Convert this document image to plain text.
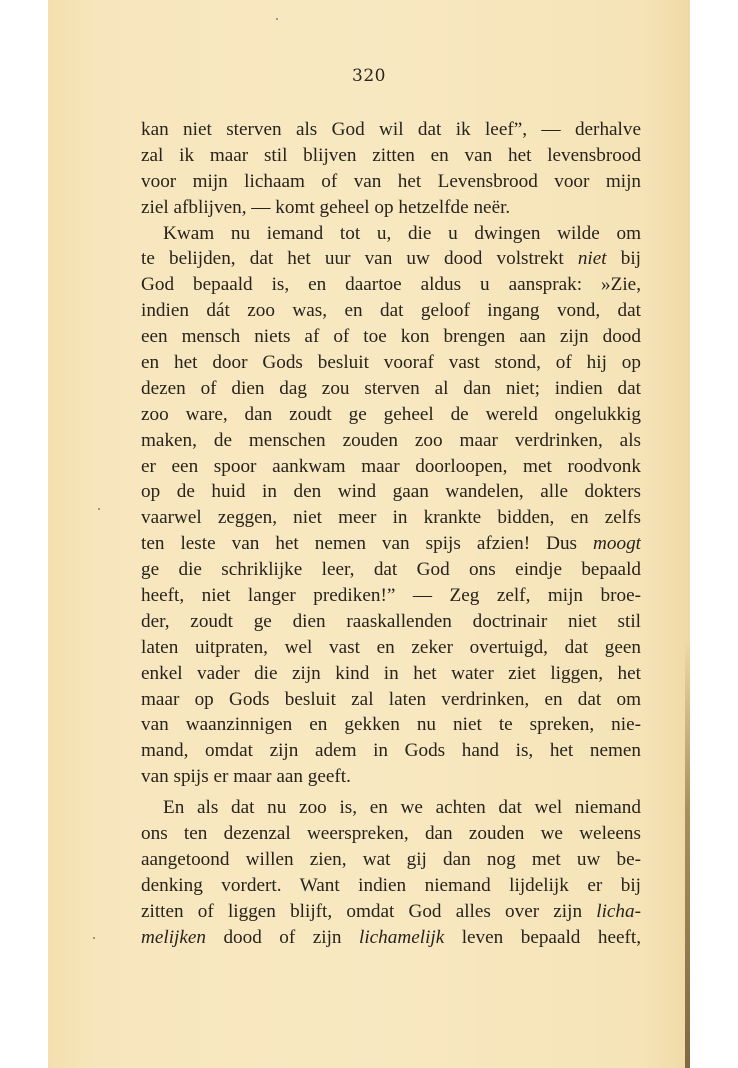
320
kan niet sterven als God wil dat ik leef”, — derhalve
zal ik maar stil blijven zitten en van het levensbrood
voor mijn lichaam of van het Levensbrood voor mijn
ziel afblijven, — komt geheel op hetzelfde neër.
Kwam nu iemand tot u, die u dwingen wilde om
te belijden, dat het uur van uw dood volstrekt niet bij
God bepaald is, en daartoe aldus u aansprak: »Zie,
indien dát zoo was, en dat geloof ingang vond, dat
een mensch niets af of toe kon brengen aan zijn dood
en het door Gods besluit vooraf vast stond, of hij op
dezen of dien dag zou sterven al dan niet; indien dat
zoo ware, dan zoudt ge geheel de wereld ongelukkig
maken, de menschen zouden zoo maar verdrinken, als
er een spoor aankwam maar doorloopen, met roodvonk
op de huid in den wind gaan wandelen, alle dokters
vaarwel zeggen, niet meer in krankte bidden, en zelfs
ten leste van het nemen van spijs afzien! Dus moogt
ge die schriklijke leer, dat God ons eindje bepaald
heeft, niet langer prediken!” — Zeg zelf, mijn broe-
der, zoudt ge dien raaskallenden doctrinair niet stil
laten uitpraten, wel vast en zeker overtuigd, dat geen
enkel vader die zijn kind in het water ziet liggen, het
maar op Gods besluit zal laten verdrinken, en dat om
van waanzinnigen en gekken nu niet te spreken, nie-
mand, omdat zijn adem in Gods hand is, het nemen
van spijs er maar aan geeft.
En als dat nu zoo is, en we achten dat wel niemand
ons ten dezenzal weerspreken, dan zouden we weleens
aangetoond willen zien, wat gij dan nog met uw be-
denking vordert. Want indien niemand lijdelijk er bij
zitten of liggen blijft, omdat God alles over zijn licha-
melijken dood of zijn lichamelijk leven bepaald heeft,
